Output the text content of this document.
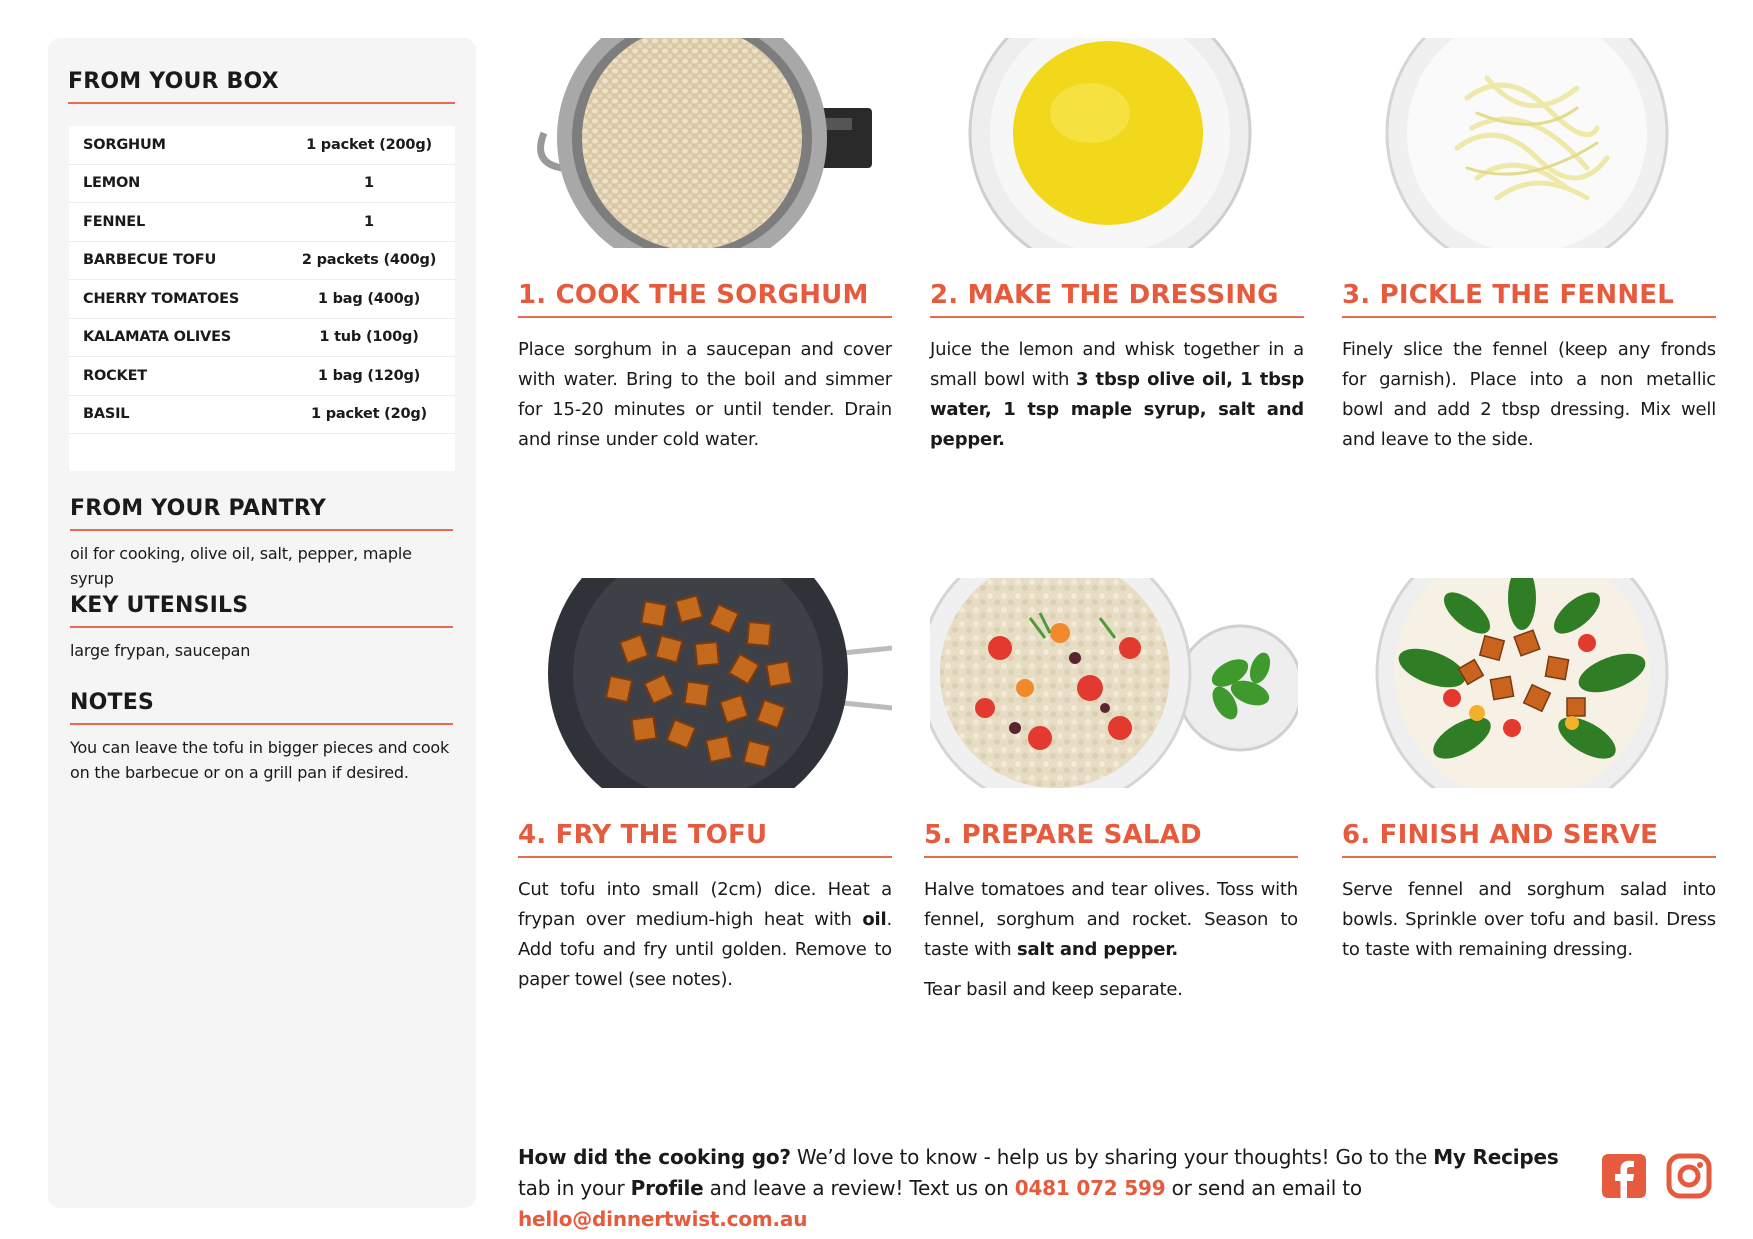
FROM YOUR BOX
SORGHUM	1 packet (200g)
LEMON	1
FENNEL	1
BARBECUE TOFU	2 packets (400g)
CHERRY TOMATOES	1 bag (400g)
KALAMATA OLIVES	1 tub (100g)
ROCKET	1 bag (120g)
BASIL	1 packet (20g)
FROM YOUR PANTRY
oil for cooking, olive oil, salt, pepper, maple syrup
KEY UTENSILS
large frypan, saucepan
NOTES
You can leave the tofu in bigger pieces and cook on the barbecue or on a grill pan if desired.
1. COOK THE SORGHUM
Place sorghum in a saucepan and cover with water. Bring to the boil and simmer for 15-20 minutes or until tender. Drain and rinse under cold water.
2. MAKE THE DRESSING
Juice the lemon and whisk together in a small bowl with 3 tbsp olive oil, 1 tbsp water, 1 tsp maple syrup, salt and pepper.
3. PICKLE THE FENNEL
Finely slice the fennel (keep any fronds for garnish). Place into a non metallic bowl and add 2 tbsp dressing. Mix well and leave to the side.
4. FRY THE TOFU
Cut tofu into small (2cm) dice. Heat a frypan over medium-high heat with oil. Add tofu and fry until golden. Remove to paper towel (see notes).
5. PREPARE SALAD
Halve tomatoes and tear olives. Toss with fennel, sorghum and rocket. Season to taste with salt and pepper.
Tear basil and keep separate.
6. FINISH AND SERVE
Serve fennel and sorghum salad into bowls. Sprinkle over tofu and basil. Dress to taste with remaining dressing.
How did the cooking go? We’d love to know - help us by sharing your thoughts! Go to the My Recipes tab in your Profile and leave a review! Text us on 0481 072 599 or send an email to hello@dinnertwist.com.au
